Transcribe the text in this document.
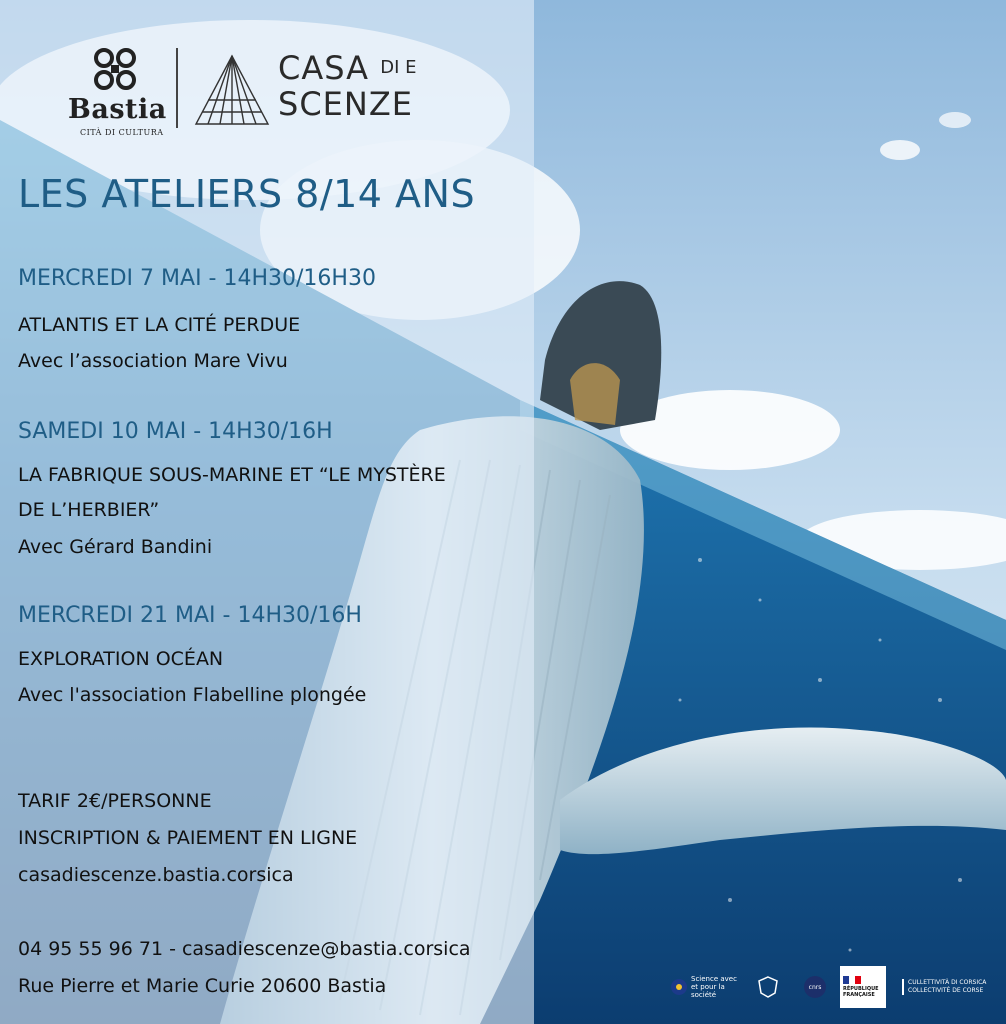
Bastia
CITÀ DI CULTURA
CASA DI E
SCENZE
LES ATELIERS 8/14 ANS
MERCREDI 7 MAI - 14H30/16H30
ATLANTIS ET LA CITÉ PERDUE
Avec l’association Mare Vivu
SAMEDI 10 MAI - 14H30/16H
LA FABRIQUE SOUS-MARINE ET “LE MYSTÈRE
DE L’HERBIER”
Avec Gérard Bandini
MERCREDI 21 MAI - 14H30/16H
EXPLORATION OCÉAN
Avec l'association Flabelline plongée
TARIF 2€/PERSONNE
INSCRIPTION & PAIEMENT EN LIGNE
casadiescenze.bastia.corsica
04 95 55 96 71 - casadiescenze@bastia.corsica
Rue Pierre et Marie Curie 20600 Bastia	Science avec et pour la société
cnrs	RÉPUBLIQUE FRANÇAISE
CULLETTIVITÀ DI CORSICA
COLLECTIVITÉ DE CORSE
